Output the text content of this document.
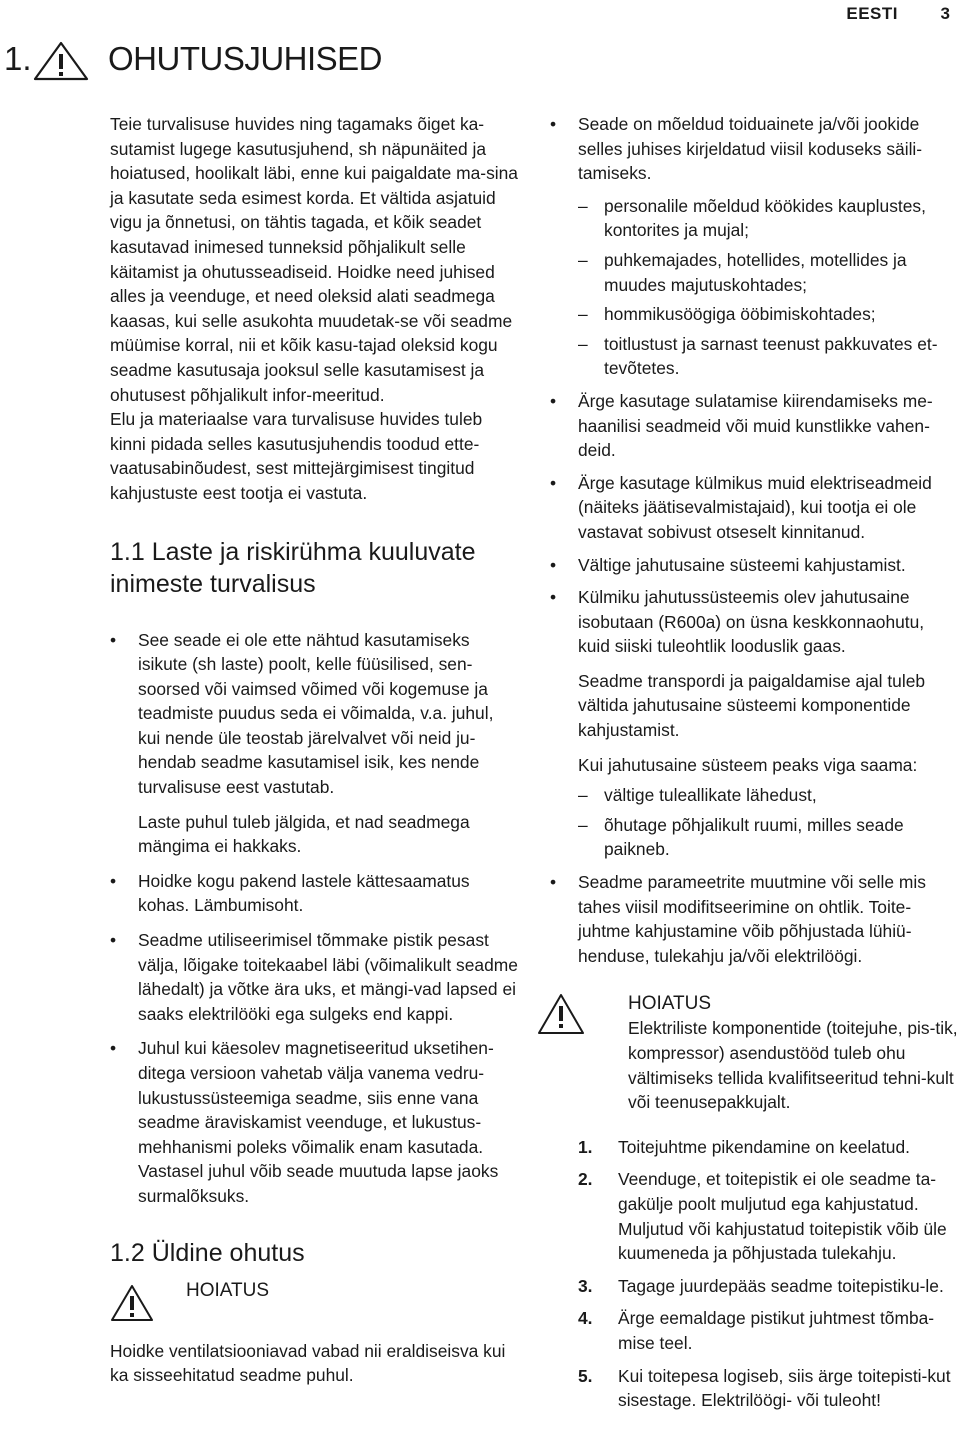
EESTI	3
1. OHUTUSJUHISED

Teie turvalisuse huvides ning tagamaks õiget ka-sutamist lugege kasutusjuhend, sh näpunäited ja hoiatused, hoolikalt läbi, enne kui paigaldate ma-sina ja kasutate seda esimest korda. Et vältida asjatuid vigu ja õnnetusi, on tähtis tagada, et kõik seadet kasutavad inimesed tunneksid põhjalikult selle käitamist ja ohutusseadiseid. Hoidke need juhised alles ja veenduge, et need oleksid alati seadmega kaasas, kui selle asukohta muudetak-se või seadme müümise korral, nii et kõik kasu-tajad oleksid kogu seadme kasutusaja jooksul selle kasutamisest ja ohutusest põhjalikult infor-meeritud.

Elu ja materiaalse vara turvalisuse huvides tuleb kinni pidada selles kasutusjuhendis toodud ette-vaatusabinõudest, sest mittejärgimisest tingitud kahjustuste eest tootja ei vastuta.

1.1 Laste ja riskirühma kuuluvate inimeste turvalisus
• See seade ei ole ette nähtud kasutamiseks isikute (sh laste) poolt, kelle füüsilised, sen-soorsed või vaimsed võimed või kogemuse ja teadmiste puudus seda ei võimalda, v.a. juhul, kui nende üle teostab järelvalvet või neid ju-hendab seadme kasutamisel isik, kes nende turvalisuse eest vastutab.

Laste puhul tuleb jälgida, et nad seadmega mängima ei hakkaks.

• Hoidke kogu pakend lastele kättesaamatus kohas. Lämbumisoht.
• Seadme utiliseerimisel tõmmake pistik pesast välja, lõigake toitekaabel läbi (võimalikult seadme lähedalt) ja võtke ära uks, et mängi-vad lapsed ei saaks elektrilööki ega sulgeks end kappi.
• Juhul kui käesolev magnetiseeritud uksetihen-ditega versioon vahetab välja vanema vedru-lukustussüsteemiga seadme, siis enne vana seadme äraviskamist veenduge, et lukustus-mehhanismi poleks võimalik enam kasutada. Vastasel juhul võib seade muutuda lapse jaoks surmalõksuks.
1.2 Üldine ohutus
HOIATUS

Hoidke ventilatsiooniavad vabad nii eraldiseisva kui ka sisseehitatud seadme puhul.

• Seade on mõeldud toiduainete ja/või jookide selles juhises kirjeldatud viisil koduseks säili-tamiseks.
– personalile mõeldud köökides kauplustes, kontorites ja mujal;
– puhkemajades, hotellides, motellides ja muudes majutuskohtades;
– hommikusöögiga ööbimiskohtades;
– toitlustust ja sarnast teenust pakkuvates et-tevõtetes.
• Ärge kasutage sulatamise kiirendamiseks me-haanilisi seadmeid või muid kunstlikke vahen-deid.
• Ärge kasutage külmikus muid elektriseadmeid (näiteks jäätisevalmistajaid), kui tootja ei ole vastavat sobivust otseselt kinnitanud.
• Vältige jahutusaine süsteemi kahjustamist.
• Külmiku jahutussüsteemis olev jahutusaine isobutaan (R600a) on üsna keskkonnaohutu, kuid siiski tuleohtlik looduslik gaas.

Seadme transpordi ja paigaldamise ajal tuleb vältida jahutusaine süsteemi komponentide kahjustamist.

Kui jahutusaine süsteem peaks viga saama:

– vältige tuleallikate lähedust,
– õhutage põhjalikult ruumi, milles seade paikneb.
• Seadme parameetrite muutmine või selle mis tahes viisil modifitseerimine on ohtlik. Toite-juhtme kahjustamine võib põhjustada lühiü-henduse, tulekahju ja/või elektrilöögi.
HOIATUS

Elektriliste komponentide (toitejuhe, pis-tik, kompressor) asendustööd tuleb ohu vältimiseks tellida kvalifitseeritud tehni-kult või teenusepakkujalt.

1. Toitejuhtme pikendamine on keelatud.
2. Veenduge, et toitepistik ei ole seadme ta-gakülje poolt muljutud ega kahjustatud. Muljutud või kahjustatud toitepistik võib üle kuumeneda ja põhjustada tulekahju.
3. Tagage juurdepääs seadme toitepistiku-le.
4. Ärge eemaldage pistikut juhtmest tõmba-mise teel.
5. Kui toitepesa logiseb, siis ärge toitepisti-kut sisestage. Elektrilöögi- või tuleoht!
